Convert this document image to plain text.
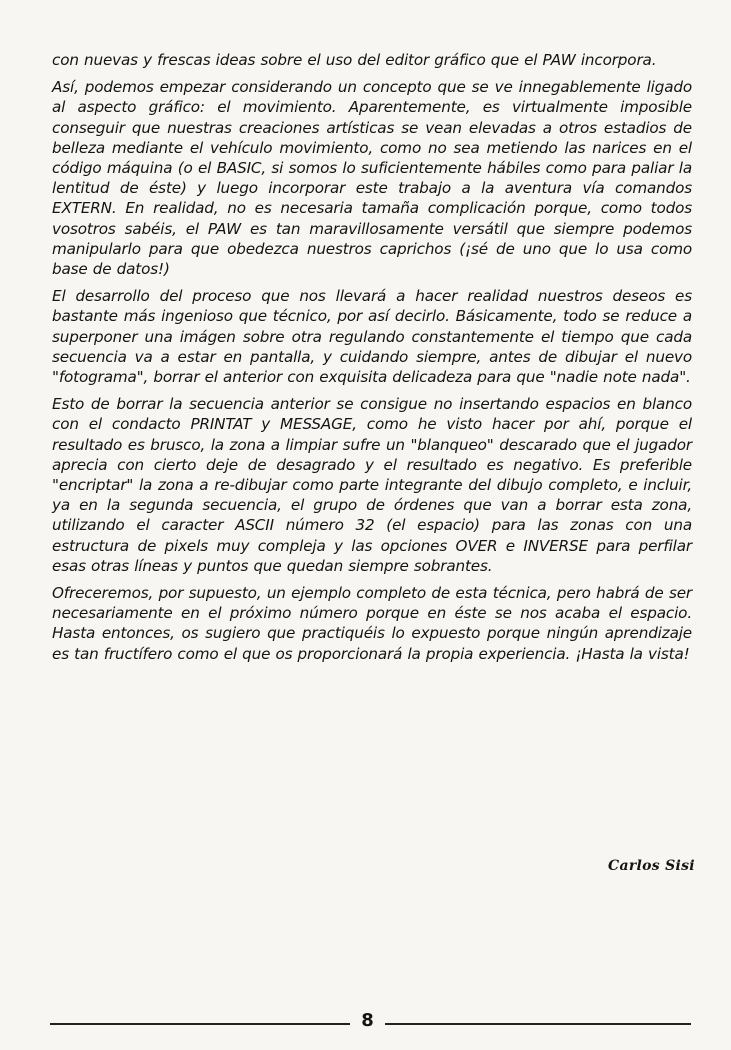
con nuevas y frescas ideas sobre el uso del editor gráfico que el PAW incorpora.

Así, podemos empezar considerando un concepto que se ve innegablemente ligado al aspecto gráfico: el movimiento. Aparentemente, es virtualmente imposible conseguir que nuestras creaciones artísticas se vean elevadas a otros estadios de belleza mediante el vehículo movimiento, como no sea metiendo las narices en el código máquina (o el BASIC, si somos lo suficientemente hábiles como para paliar la lentitud de éste) y luego incorporar este trabajo a la aventura vía comandos EXTERN. En realidad, no es necesaria tamaña complicación porque, como todos vosotros sabéis, el PAW es tan maravillosamente versátil que siempre podemos manipularlo para que obedezca nuestros caprichos (¡sé de uno que lo usa como base de datos!)

El desarrollo del proceso que nos llevará a hacer realidad nuestros deseos es bastante más ingenioso que técnico, por así decirlo. Básicamente, todo se reduce a superponer una imágen sobre otra regulando constantemente el tiempo que cada secuencia va a estar en pantalla, y cuidando siempre, antes de dibujar el nuevo "fotograma", borrar el anterior con exquisita delicadeza para que "nadie note nada".

Esto de borrar la secuencia anterior se consigue no insertando espacios en blanco con el condacto PRINTAT y MESSAGE, como he visto hacer por ahí, porque el resultado es brusco, la zona a limpiar sufre un "blanqueo" descarado que el jugador aprecia con cierto deje de desagrado y el resultado es negativo. Es preferible "encriptar" la zona a re-dibujar como parte integrante del dibujo completo, e incluir, ya en la segunda secuencia, el grupo de órdenes que van a borrar esta zona, utilizando el caracter ASCII número 32 (el espacio) para las zonas con una estructura de pixels muy compleja y las opciones OVER e INVERSE para perfilar esas otras líneas y puntos que quedan siempre sobrantes.

Ofreceremos, por supuesto, un ejemplo completo de esta técnica, pero habrá de ser necesariamente en el próximo número porque en éste se nos acaba el espacio. Hasta entonces, os sugiero que practiquéis lo expuesto porque ningún aprendizaje es tan fructífero como el que os proporcionará la propia experiencia. ¡Hasta la vista!

Carlos Sisi
8
